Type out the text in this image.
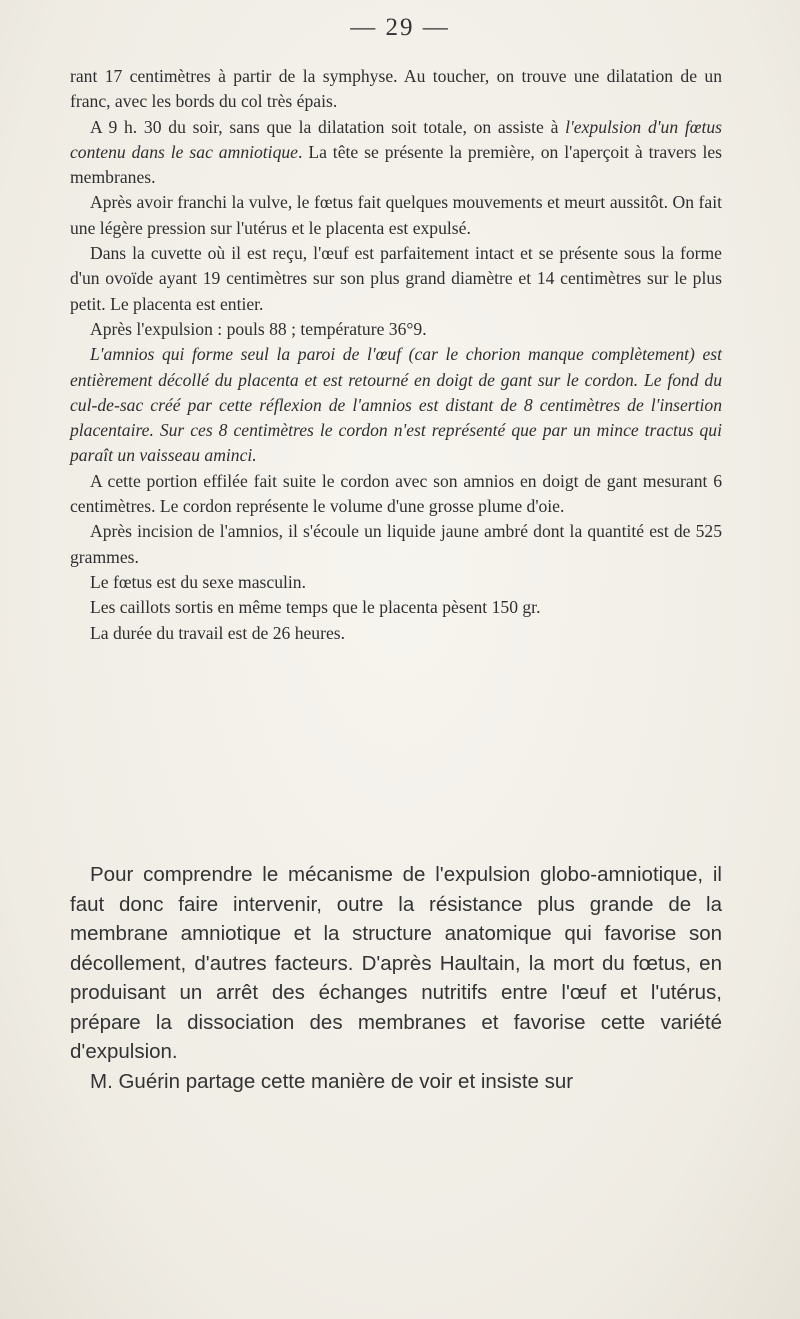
— 29 —

rant 17 centimètres à partir de la symphyse. Au toucher, on trouve une dilatation de un franc, avec les bords du col très épais.

A 9 h. 30 du soir, sans que la dilatation soit totale, on assiste à l'expulsion d'un fœtus contenu dans le sac amniotique. La tête se présente la première, on l'aperçoit à travers les membranes.

Après avoir franchi la vulve, le fœtus fait quelques mouvements et meurt aussitôt. On fait une légère pression sur l'utérus et le placenta est expulsé.

Dans la cuvette où il est reçu, l'œuf est parfaitement intact et se présente sous la forme d'un ovoïde ayant 19 centimètres sur son plus grand diamètre et 14 centimètres sur le plus petit. Le placenta est entier.

Après l'expulsion : pouls 88 ; température 36°9.

L'amnios qui forme seul la paroi de l'œuf (car le chorion manque complètement) est entièrement décollé du placenta et est retourné en doigt de gant sur le cordon. Le fond du cul-de-sac créé par cette réflexion de l'amnios est distant de 8 centimètres de l'insertion placentaire. Sur ces 8 centimètres le cordon n'est représenté que par un mince tractus qui paraît un vaisseau aminci.

A cette portion effilée fait suite le cordon avec son amnios en doigt de gant mesurant 6 centimètres. Le cordon représente le volume d'une grosse plume d'oie.

Après incision de l'amnios, il s'écoule un liquide jaune ambré dont la quantité est de 525 grammes.

Le fœtus est du sexe masculin.

Les caillots sortis en même temps que le placenta pèsent 150 gr.

La durée du travail est de 26 heures.

Pour comprendre le mécanisme de l'expulsion globo-amniotique, il faut donc faire intervenir, outre la résistance plus grande de la membrane amniotique et la structure anatomique qui favorise son décollement, d'autres facteurs. D'après Haultain, la mort du fœtus, en produisant un arrêt des échanges nutritifs entre l'œuf et l'utérus, prépare la dissociation des membranes et favorise cette variété d'expulsion.

M. Guérin partage cette manière de voir et insiste sur
